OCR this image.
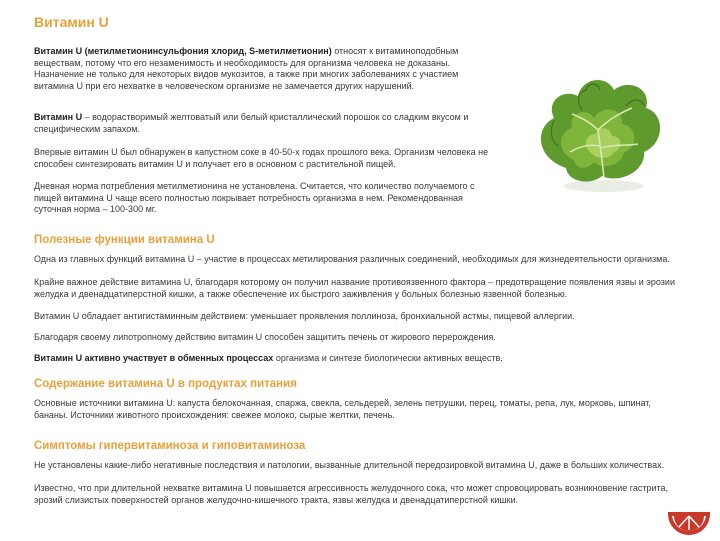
Витамин U
Витамин U (метилметионинсульфония хлорид, S-метилметионин) относят к витаминоподобным веществам, потому что его незаменимость и необходимость для организма человека не доказаны. Назначение не только для некоторых видов мукозитов, а также при многих заболеваниях с участием витамина U при его нехватке в человеческом организме не замечается других нарушений.
Витамин U – водорастворимый желтоватый или белый кристаллический порошок со сладким вкусом и специфическим запахом.
Впервые витамин U был обнаружен в капустном соке в 40-50-х годах прошлого века. Организм человека не способен синтезировать витамин U и получает его в основном с растительной пищей.
Дневная норма потребления метилметионина не установлена. Считается, что количество получаемого с пищей витамина U чаще всего полностью покрывает потребность организма в нем. Рекомендованная суточная норма – 100-300 мг.
Полезные функции витамина U
Одна из главных функций витамина U – участие в процессах метилирования различных соединений, необходимых для жизнедеятельности организма.
Крайне важное действие витамина U, благодаря которому он получил название противоязвенного фактора – предотвращение появления язвы и эрозии желудка и двенадцатиперстной кишки, а также обеспечение их быстрого заживления у больных болезнью язвенной болезнью.
Витамин U обладает антигистаминным действием: уменьшает проявления поллиноза, бронхиальной астмы, пищевой аллергии.
Благодаря своему липотропному действию витамин U способен защитить печень от жирового перерождения.
Витамин U активно участвует в обменных процессах организма и синтезе биологически активных веществ.
Содержание витамина U в продуктах питания
Основные источники витамина U: капуста белокочанная, спаржа, свекла, сельдерей, зелень петрушки, перец, томаты, репа, лук, морковь, шпинат, бананы. Источники животного происхождения: свежее молоко, сырые желтки, печень.
Симптомы гипервитаминоза и гиповитаминоза
Не установлены какие-либо негативные последствия и патологии, вызванные длительной передозировкой витамина U, даже в больших количествах.
Известно, что при длительной нехватке витамина U повышается агрессивность желудочного сока, что может спровоцировать возникновение гастрита, эрозий слизистых поверхностей органов желудочно-кишечного тракта, язвы желудка и двенадцатиперстной кишки.
